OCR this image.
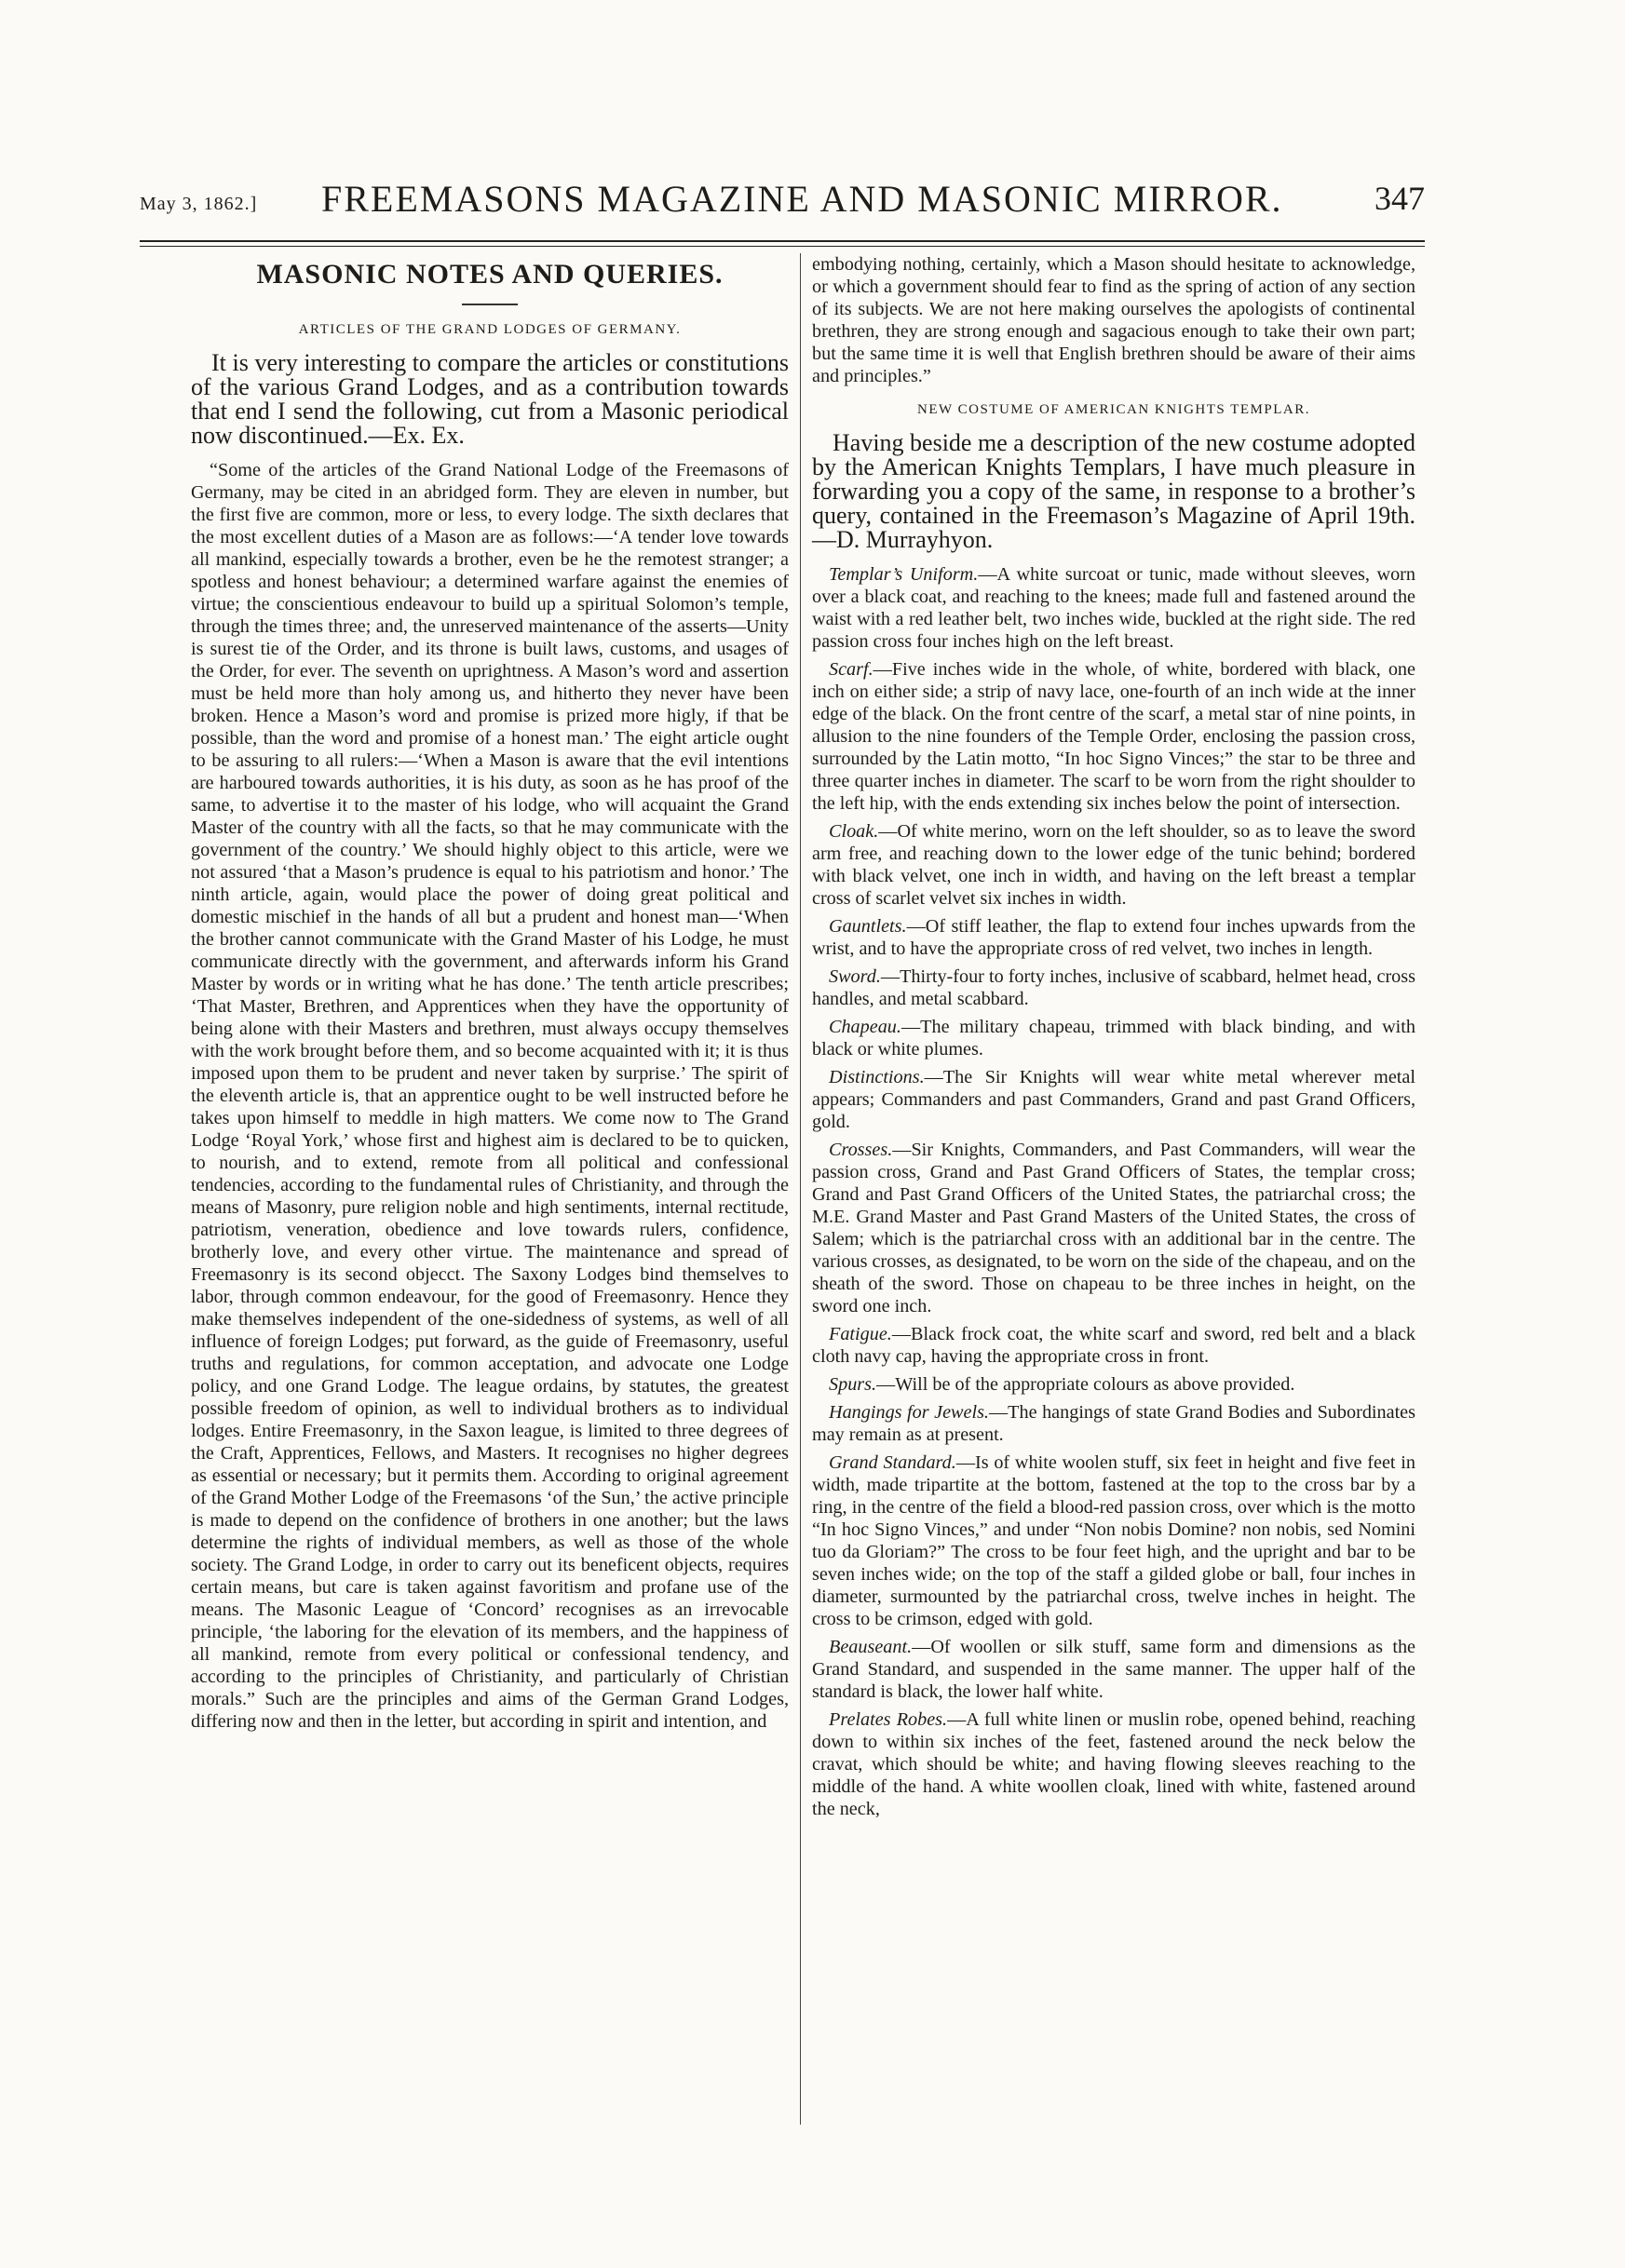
May 3, 1862.] FREEMASONS MAGAZINE AND MASONIC MIRROR.	347
MASONIC NOTES AND QUERIES.

ARTICLES OF THE GRAND LODGES OF GERMANY.

It is very interesting to compare the articles or constitutions of the various Grand Lodges, and as a contribution towards that end I send the following, cut from a Masonic periodical now discontinued.—Ex. Ex.

“Some of the articles of the Grand National Lodge of the Freemasons of Germany, may be cited in an abridged form. They are eleven in number, but the first five are common, more or less, to every lodge. The sixth declares that the most excellent duties of a Mason are as follows:—‘A tender love towards all mankind, especially towards a brother, even be he the remotest stranger; a spotless and honest behaviour; a determined warfare against the enemies of virtue; the conscientious endeavour to build up a spiritual Solomon’s temple, through the times three; and, the unreserved maintenance of the asserts—Unity is surest tie of the Order, and its throne is built laws, customs, and usages of the Order, for ever. The seventh on uprightness. A Mason’s word and assertion must be held more than holy among us, and hitherto they never have been broken. Hence a Mason’s word and promise is prized more higly, if that be possible, than the word and promise of a honest man.’ The eight article ought to be assuring to all rulers:—‘When a Mason is aware that the evil intentions are harboured towards authorities, it is his duty, as soon as he has proof of the same, to advertise it to the master of his lodge, who will acquaint the Grand Master of the country with all the facts, so that he may communicate with the government of the country.’ We should highly object to this article, were we not assured ‘that a Mason’s prudence is equal to his patriotism and honor.’ The ninth article, again, would place the power of doing great political and domestic mischief in the hands of all but a prudent and honest man—‘When the brother cannot communicate with the Grand Master of his Lodge, he must communicate directly with the government, and afterwards inform his Grand Master by words or in writing what he has done.’ The tenth article prescribes; ‘That Master, Brethren, and Apprentices when they have the opportunity of being alone with their Masters and brethren, must always occupy themselves with the work brought before them, and so become acquainted with it; it is thus imposed upon them to be prudent and never taken by surprise.’ The spirit of the eleventh article is, that an apprentice ought to be well instructed before he takes upon himself to meddle in high matters. We come now to The Grand Lodge ‘Royal York,’ whose first and highest aim is declared to be to quicken, to nourish, and to extend, remote from all political and confessional tendencies, according to the fundamental rules of Christianity, and through the means of Masonry, pure religion noble and high sentiments, internal rectitude, patriotism, veneration, obedience and love towards rulers, confidence, brotherly love, and every other virtue. The maintenance and spread of Freemasonry is its second objecct. The Saxony Lodges bind themselves to labor, through common endeavour, for the good of Freemasonry. Hence they make themselves independent of the one-sidedness of systems, as well of all influence of foreign Lodges; put forward, as the guide of Freemasonry, useful truths and regulations, for common acceptation, and advocate one Lodge policy, and one Grand Lodge. The league ordains, by statutes, the greatest possible freedom of opinion, as well to individual brothers as to individual lodges. Entire Freemasonry, in the Saxon league, is limited to three degrees of the Craft, Apprentices, Fellows, and Masters. It recognises no higher degrees as essential or necessary; but it permits them. According to original agreement of the Grand Mother Lodge of the Freemasons ‘of the Sun,’ the active principle is made to depend on the confidence of brothers in one another; but the laws determine the rights of individual members, as well as those of the whole society. The Grand Lodge, in order to carry out its beneficent objects, requires certain means, but care is taken against favoritism and profane use of the means. The Masonic League of ‘Concord’ recognises as an irrevocable principle, ‘the laboring for the elevation of its members, and the happiness of all mankind, remote from every political or confessional tendency, and according to the principles of Christianity, and particularly of Christian morals.” Such are the principles and aims of the German Grand Lodges, differing now and then in the letter, but according in spirit and intention, and

embodying nothing, certainly, which a Mason should hesitate to acknowledge, or which a government should fear to find as the spring of action of any section of its subjects. We are not here making ourselves the apologists of continental brethren, they are strong enough and sagacious enough to take their own part; but the same time it is well that English brethren should be aware of their aims and principles.”

NEW COSTUME OF AMERICAN KNIGHTS TEMPLAR.

Having beside me a description of the new costume adopted by the American Knights Templars, I have much pleasure in forwarding you a copy of the same, in response to a brother’s query, contained in the Freemason’s Magazine of April 19th.—D. Murrayhyon.

Templar’s Uniform.—A white surcoat or tunic, made without sleeves, worn over a black coat, and reaching to the knees; made full and fastened around the waist with a red leather belt, two inches wide, buckled at the right side. The red passion cross four inches high on the left breast.

Scarf.—Five inches wide in the whole, of white, bordered with black, one inch on either side; a strip of navy lace, one-fourth of an inch wide at the inner edge of the black. On the front centre of the scarf, a metal star of nine points, in allusion to the nine founders of the Temple Order, enclosing the passion cross, surrounded by the Latin motto, “In hoc Signo Vinces;” the star to be three and three quarter inches in diameter. The scarf to be worn from the right shoulder to the left hip, with the ends extending six inches below the point of intersection.

Cloak.—Of white merino, worn on the left shoulder, so as to leave the sword arm free, and reaching down to the lower edge of the tunic behind; bordered with black velvet, one inch in width, and having on the left breast a templar cross of scarlet velvet six inches in width.

Gauntlets.—Of stiff leather, the flap to extend four inches upwards from the wrist, and to have the appropriate cross of red velvet, two inches in length.

Sword.—Thirty-four to forty inches, inclusive of scabbard, helmet head, cross handles, and metal scabbard.

Chapeau.—The military chapeau, trimmed with black binding, and with black or white plumes.

Distinctions.—The Sir Knights will wear white metal wherever metal appears; Commanders and past Commanders, Grand and past Grand Officers, gold.

Crosses.—Sir Knights, Commanders, and Past Commanders, will wear the passion cross, Grand and Past Grand Officers of States, the templar cross; Grand and Past Grand Officers of the United States, the patriarchal cross; the M.E. Grand Master and Past Grand Masters of the United States, the cross of Salem; which is the patriarchal cross with an additional bar in the centre. The various crosses, as designated, to be worn on the side of the chapeau, and on the sheath of the sword. Those on chapeau to be three inches in height, on the sword one inch.

Fatigue.—Black frock coat, the white scarf and sword, red belt and a black cloth navy cap, having the appropriate cross in front.

Spurs.—Will be of the appropriate colours as above provided.

Hangings for Jewels.—The hangings of state Grand Bodies and Subordinates may remain as at present.

Grand Standard.—Is of white woolen stuff, six feet in height and five feet in width, made tripartite at the bottom, fastened at the top to the cross bar by a ring, in the centre of the field a blood-red passion cross, over which is the motto “In hoc Signo Vinces,” and under “Non nobis Domine? non nobis, sed Nomini tuo da Gloriam?” The cross to be four feet high, and the upright and bar to be seven inches wide; on the top of the staff a gilded globe or ball, four inches in diameter, surmounted by the patriarchal cross, twelve inches in height. The cross to be crimson, edged with gold.

Beauseant.—Of woollen or silk stuff, same form and dimensions as the Grand Standard, and suspended in the same manner. The upper half of the standard is black, the lower half white.

Prelates Robes.—A full white linen or muslin robe, opened behind, reaching down to within six inches of the feet, fastened around the neck below the cravat, which should be white; and having flowing sleeves reaching to the middle of the hand. A white woollen cloak, lined with white, fastened around the neck,
